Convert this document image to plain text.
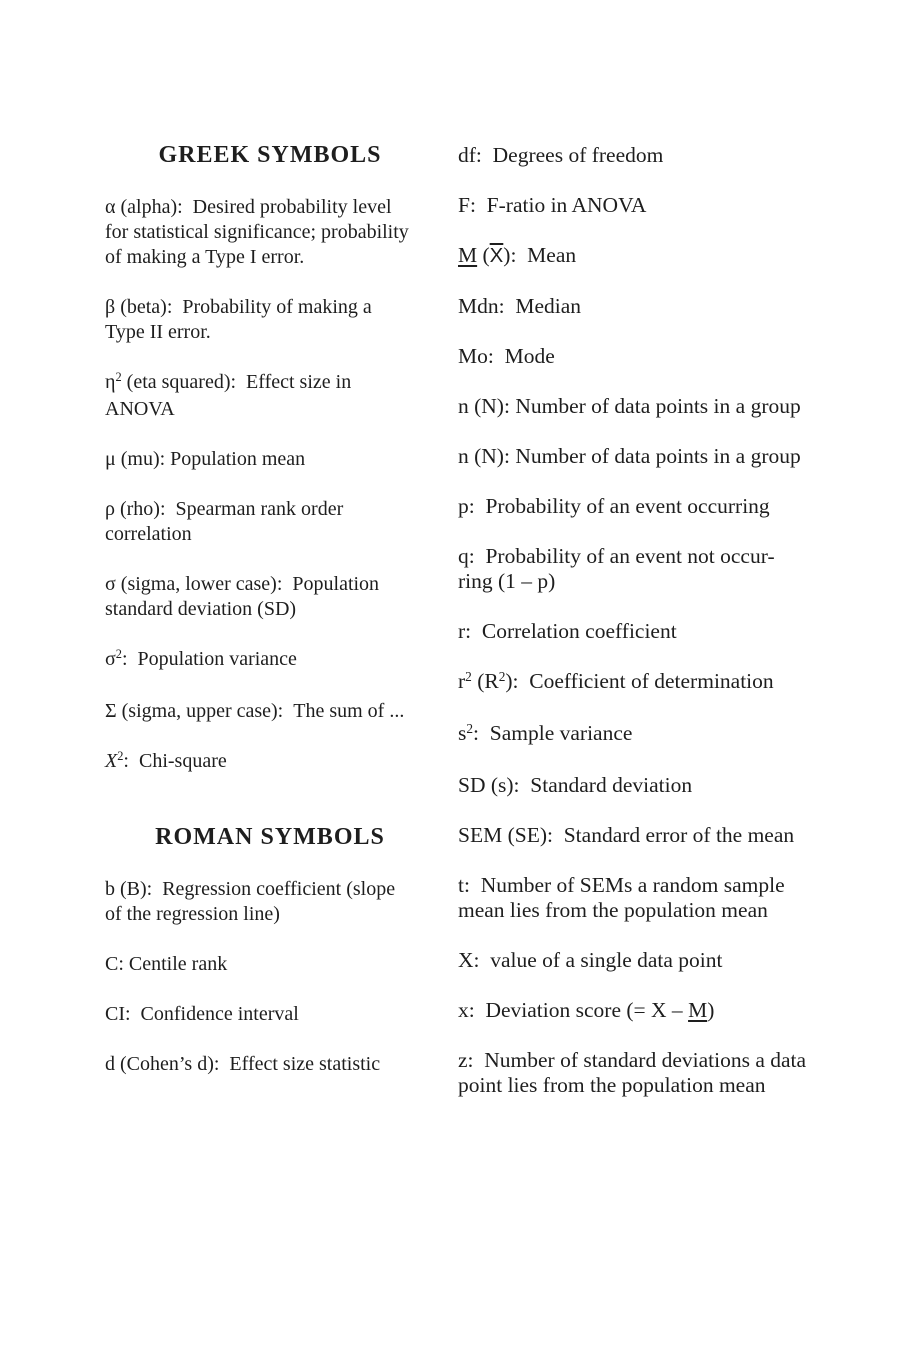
GREEK SYMBOLS

α (alpha):  Desired probability level
for statistical significance; probability
of making a Type I error.

β (beta):  Probability of making a
Type II error.

$\eta^2$ (eta squared):  Effect size in
ANOVA

μ (mu): Population mean

ρ (rho):  Spearman rank order
correlation

σ (sigma, lower case):  Population
standard deviation (SD)

$\sigma^2$:  Population variance

Σ (sigma, upper case):  The sum of ...

$X^2$:  Chi-square

ROMAN SYMBOLS

b (B):  Regression coefficient (slope
of the regression line)

C: Centile rank

CI:  Confidence interval

d (Cohen’s d):  Effect size statistic

df:  Degrees of freedom

F:  F-ratio in ANOVA

M $(\overline{X})$:  Mean

Mdn:  Median

Mo:  Mode

n (N): Number of data points in a group

n (N): Number of data points in a group

p:  Probability of an event occurring

q:  Probability of an event not occur-
ring (1 – p)

r:  Correlation coefficient

$r^2$ $(R^2)$:  Coefficient of determination

$s^2$:  Sample variance

SD (s):  Standard deviation

SEM (SE):  Standard error of the mean

t:  Number of SEMs a random sample
mean lies from the population mean

X:  value of a single data point

x:  Deviation score (= X – M)

z:  Number of standard deviations a data
point lies from the population mean
